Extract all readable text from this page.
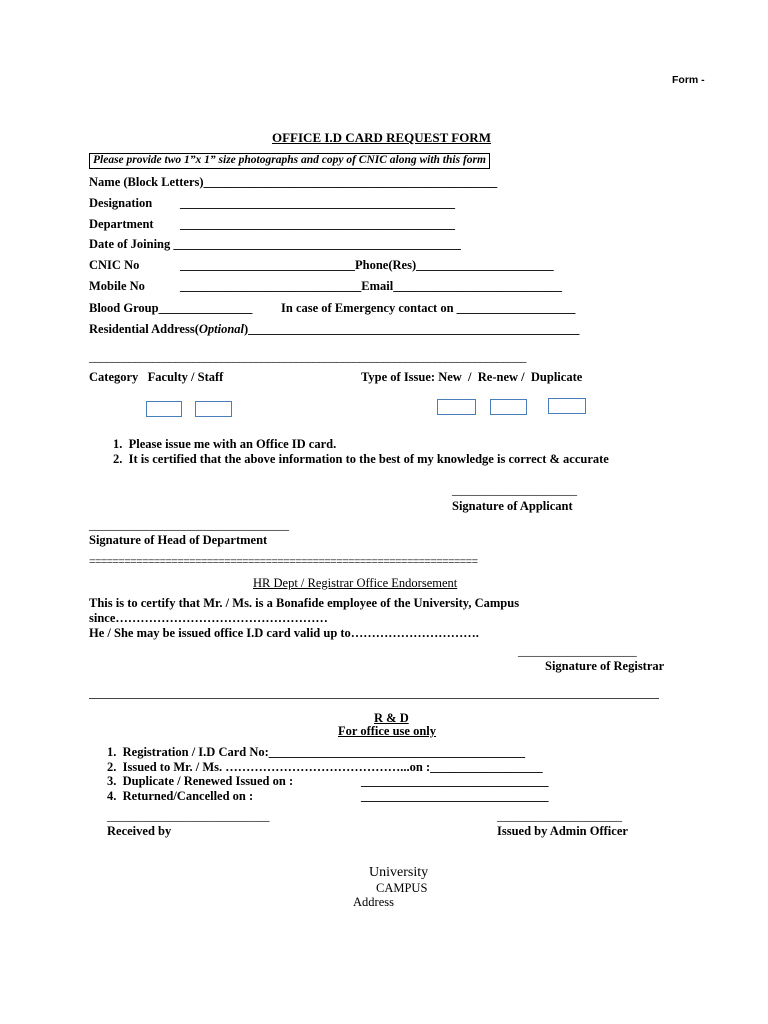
Form -
OFFICE I.D CARD REQUEST FORM
Please provide two 1”x 1” size photographs and copy of CNIC along with this form
Name (Block Letters)_______________________________________________
Designation ____________________________________________
Department ____________________________________________
Date of Joining ______________________________________________
CNIC No	____________________________Phone(Res)______________________
Mobile No	_____________________________Email___________________________
Blood Group_______________ In case of Emergency contact on ___________________
Residential Address(Optional)_____________________________________________________
____________________________________________________________________________
Category   Faculty / Staff	Type of Issue: New  /  Re-new /  Duplicate
1. Please issue me with an Office ID card.
2. It is certified that the above information to the best of my knowledge is correct & accurate
____________________
Signature of Applicant
________________________________
Signature of Head of Department
==================================================================
HR Dept / Registrar Office Endorsement
This is to certify that Mr. / Ms. is a Bonafide employee of the University, Campus
since……………………………………………
He / She may be issued office I.D card valid up to………………………….
___________________
Signature of Registrar
R & D
For office use only
1. Registration / I.D Card No:_________________________________________
2. Issued to Mr. / Ms. ……………………………………...on :__________________
3. Duplicate / Renewed Issued on :	______________________________
4. Returned/Cancelled on :	______________________________
__________________________
Received by
____________________
Issued by Admin Officer
University
CAMPUS
Address
